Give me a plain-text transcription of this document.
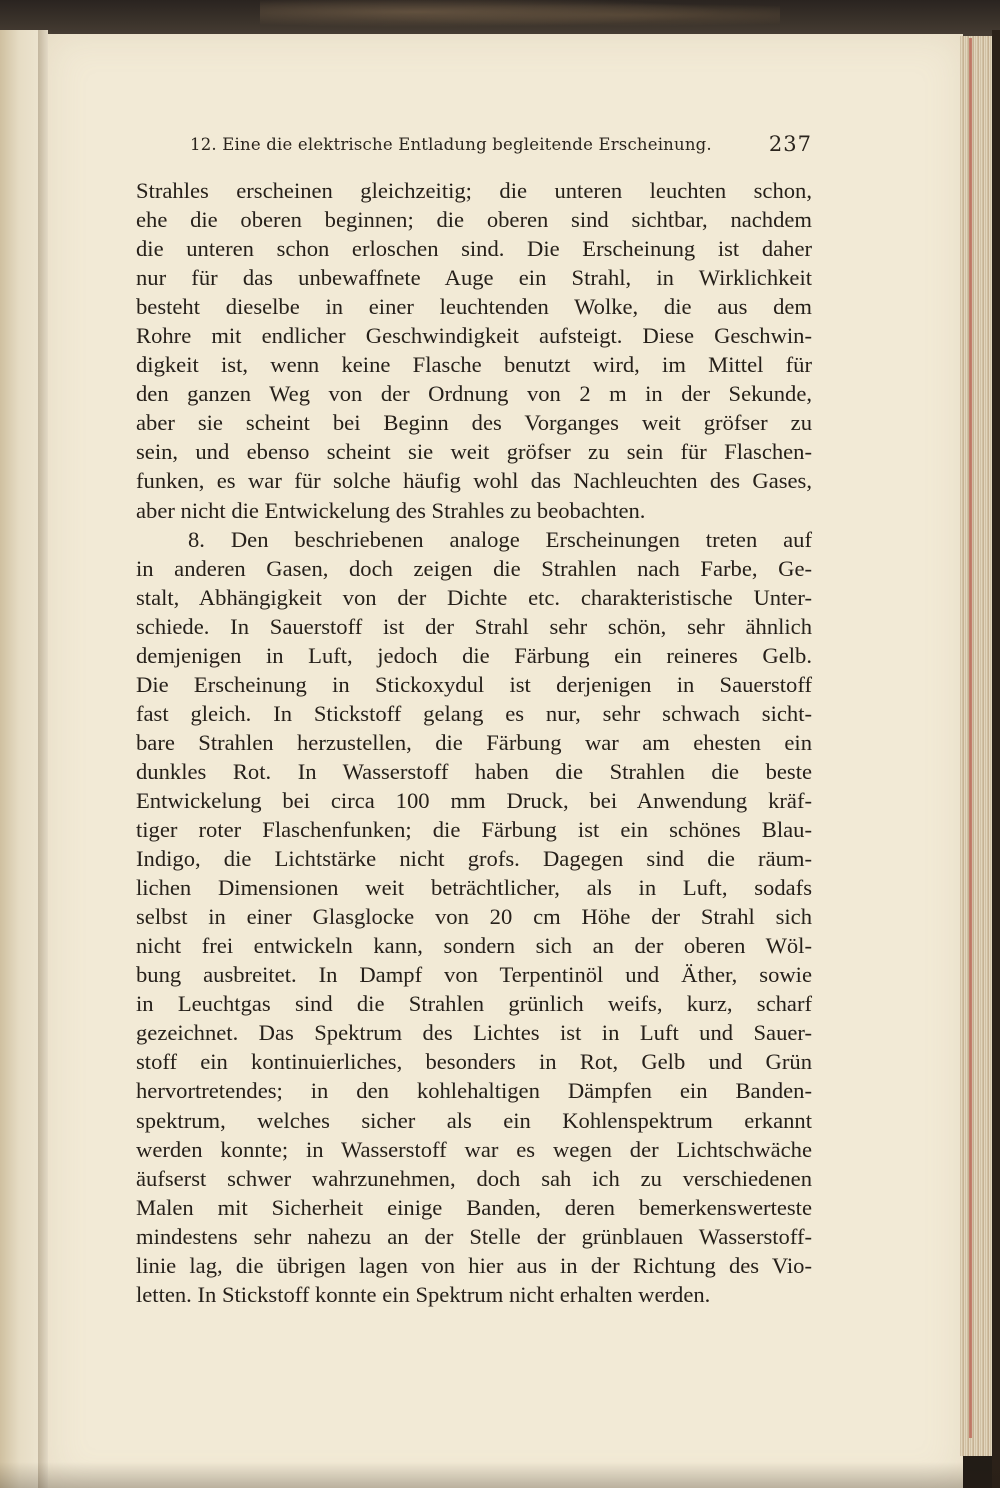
12. Eine die elektrische Entladung begleitende Erscheinung.	237
Strahles erscheinen gleichzeitig; die unteren leuchten schon,
ehe die oberen beginnen; die oberen sind sichtbar, nachdem
die unteren schon erloschen sind. Die Erscheinung ist daher
nur für das unbewaffnete Auge ein Strahl, in Wirklichkeit
besteht dieselbe in einer leuchtenden Wolke, die aus dem
Rohre mit endlicher Geschwindigkeit aufsteigt. Diese Geschwin-
digkeit ist, wenn keine Flasche benutzt wird, im Mittel für
den ganzen Weg von der Ordnung von 2 m in der Sekunde,
aber sie scheint bei Beginn des Vorganges weit gröfser zu
sein, und ebenso scheint sie weit gröfser zu sein für Flaschen-
funken, es war für solche häufig wohl das Nachleuchten des Gases,
aber nicht die Entwickelung des Strahles zu beobachten.
8. Den beschriebenen analoge Erscheinungen treten auf
in anderen Gasen, doch zeigen die Strahlen nach Farbe, Ge-
stalt, Abhängigkeit von der Dichte etc. charakteristische Unter-
schiede. In Sauerstoff ist der Strahl sehr schön, sehr ähnlich
demjenigen in Luft, jedoch die Färbung ein reineres Gelb.
Die Erscheinung in Stickoxydul ist derjenigen in Sauerstoff
fast gleich. In Stickstoff gelang es nur, sehr schwach sicht-
bare Strahlen herzustellen, die Färbung war am ehesten ein
dunkles Rot. In Wasserstoff haben die Strahlen die beste
Entwickelung bei circa 100 mm Druck, bei Anwendung kräf-
tiger roter Flaschenfunken; die Färbung ist ein schönes Blau-
Indigo, die Lichtstärke nicht grofs. Dagegen sind die räum-
lichen Dimensionen weit beträchtlicher, als in Luft, sodafs
selbst in einer Glasglocke von 20 cm Höhe der Strahl sich
nicht frei entwickeln kann, sondern sich an der oberen Wöl-
bung ausbreitet. In Dampf von Terpentinöl und Äther, sowie
in Leuchtgas sind die Strahlen grünlich weifs, kurz, scharf
gezeichnet. Das Spektrum des Lichtes ist in Luft und Sauer-
stoff ein kontinuierliches, besonders in Rot, Gelb und Grün
hervortretendes; in den kohlehaltigen Dämpfen ein Banden-
spektrum, welches sicher als ein Kohlenspektrum erkannt
werden konnte; in Wasserstoff war es wegen der Lichtschwäche
äufserst schwer wahrzunehmen, doch sah ich zu verschiedenen
Malen mit Sicherheit einige Banden, deren bemerkenswerteste
mindestens sehr nahezu an der Stelle der grünblauen Wasserstoff-
linie lag, die übrigen lagen von hier aus in der Richtung des Vio-
letten. In Stickstoff konnte ein Spektrum nicht erhalten werden.
